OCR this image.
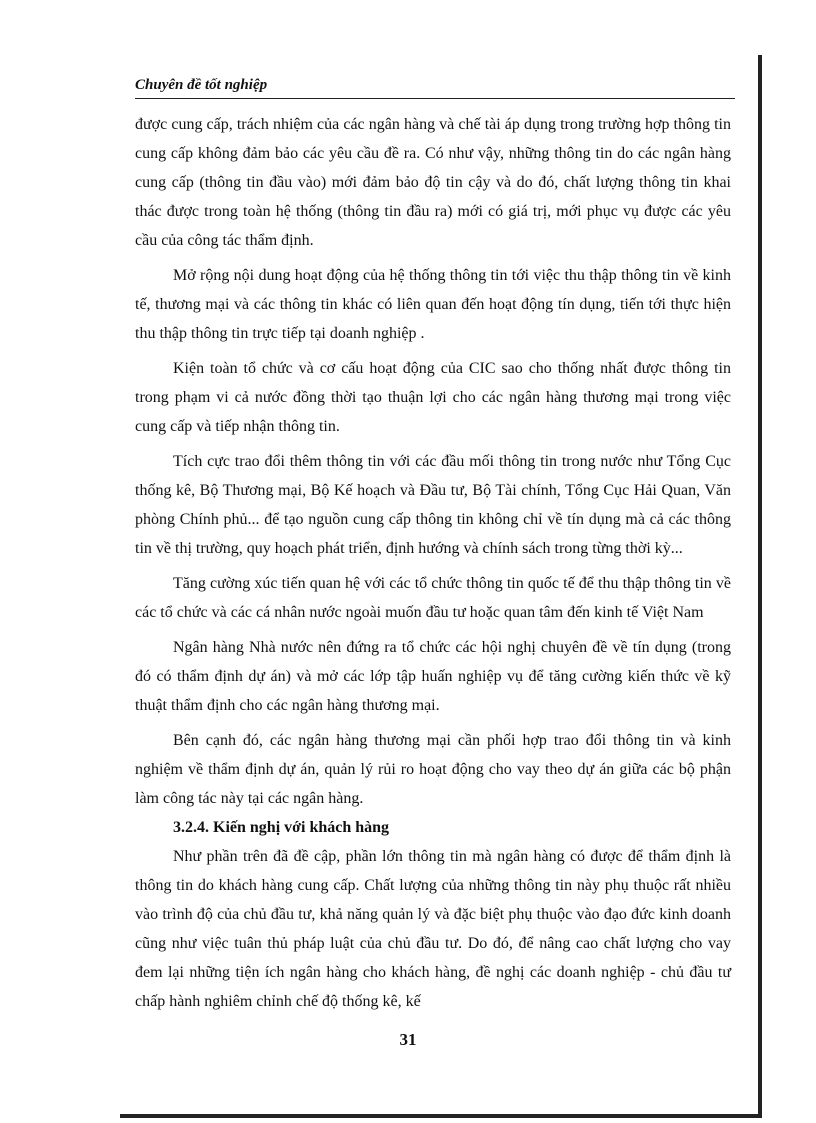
Chuyên đề tốt nghiệp

được cung cấp, trách nhiệm của các ngân hàng và chế tài áp dụng trong trường hợp thông tin cung cấp không đảm bảo các yêu cầu đề ra. Có như vậy, những thông tin do các ngân hàng cung cấp (thông tin đầu vào) mới đảm bảo độ tin cậy và do đó, chất lượng thông tin khai thác được trong toàn hệ thống (thông tin đầu ra) mới có giá trị, mới phục vụ được các yêu cầu của công tác thẩm định.

Mở rộng nội dung hoạt động của hệ thống thông tin tới việc thu thập thông tin về kinh tế, thương mại và các thông tin khác có liên quan đến hoạt động tín dụng, tiến tới thực hiện thu thập thông tin trực tiếp tại doanh nghiệp .

Kiện toàn tổ chức và cơ cấu hoạt động của CIC sao cho thống nhất được thông tin trong phạm vi cả nước đồng thời tạo thuận lợi cho các ngân hàng thương mại trong việc cung cấp và tiếp nhận thông tin.

Tích cực trao đổi thêm thông tin với các đầu mối thông tin trong nước như Tổng Cục thống kê, Bộ Thương mại, Bộ Kế hoạch và Đầu tư, Bộ Tài chính, Tổng Cục Hải Quan, Văn phòng Chính phủ... để tạo nguồn cung cấp thông tin không chỉ về tín dụng mà cả các thông tin về thị trường, quy hoạch phát triển, định hướng và chính sách trong từng thời kỳ...

Tăng cường xúc tiến quan hệ với các tổ chức thông tin quốc tế để thu thập thông tin về các tổ chức và các cá nhân nước ngoài muốn đầu tư hoặc quan tâm đến kinh tế Việt Nam

Ngân hàng Nhà nước nên đứng ra tổ chức các hội nghị chuyên đề về tín dụng (trong đó có thẩm định dự án) và mở các lớp tập huấn nghiệp vụ để tăng cường kiến thức về kỹ thuật thẩm định cho các ngân hàng thương mại.

Bên cạnh đó, các ngân hàng thương mại cần phối hợp trao đổi thông tin và kinh nghiệm về thẩm định dự án, quản lý rủi ro hoạt động cho vay theo dự án giữa các bộ phận làm công tác này tại các ngân hàng.

3.2.4. Kiến nghị với khách hàng

Như phần trên đã đề cập, phần lớn thông tin mà ngân hàng có được để thẩm định là thông tin do khách hàng cung cấp. Chất lượng của những thông tin này phụ thuộc rất nhiều vào trình độ của chủ đầu tư, khả năng quản lý và đặc biệt phụ thuộc vào đạo đức kinh doanh cũng như việc tuân thủ pháp luật của chủ đầu tư. Do đó, để nâng cao chất lượng cho vay đem lại những tiện ích ngân hàng cho khách hàng, đề nghị các doanh nghiệp - chủ đầu tư chấp hành nghiêm chỉnh chế độ thống kê, kế

31
